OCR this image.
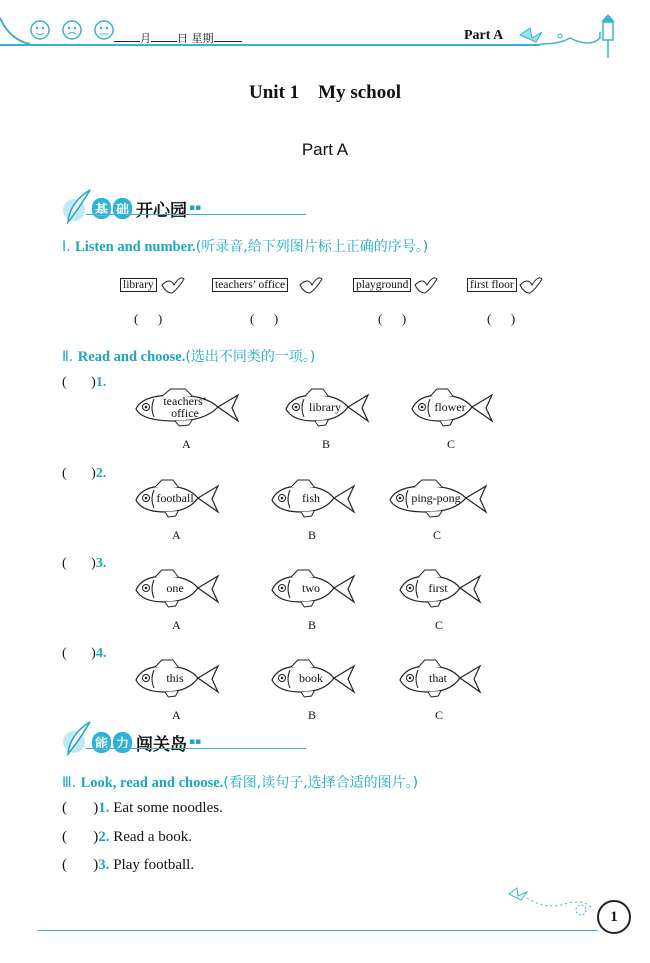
月 日 星期	Part A
Unit 1    My school
Part A
基 础 开心园 ▪▪
Ⅰ. Listen and number.(听录音,给下列图片标上正确的序号。)
library	teachers’ office	playground	first floor
(      )	(      )	(      )	(      )
Ⅱ. Read and choose.(选出不同类的一项。)
(       )1.
teachers’ office
A
library
B
flower
C
(       )2.
football
A
fish
B
ping-pong
C
(       )3.
one
A
two
B
first
C
(       )4.
this
A
book
B
that
C
能 力 闯关岛 ▪▪
Ⅲ. Look, read and choose.(看图,读句子,选择合适的图片。)
( )1. Eat some noodles.
( )2. Read a book.
( )3. Play football.
1
